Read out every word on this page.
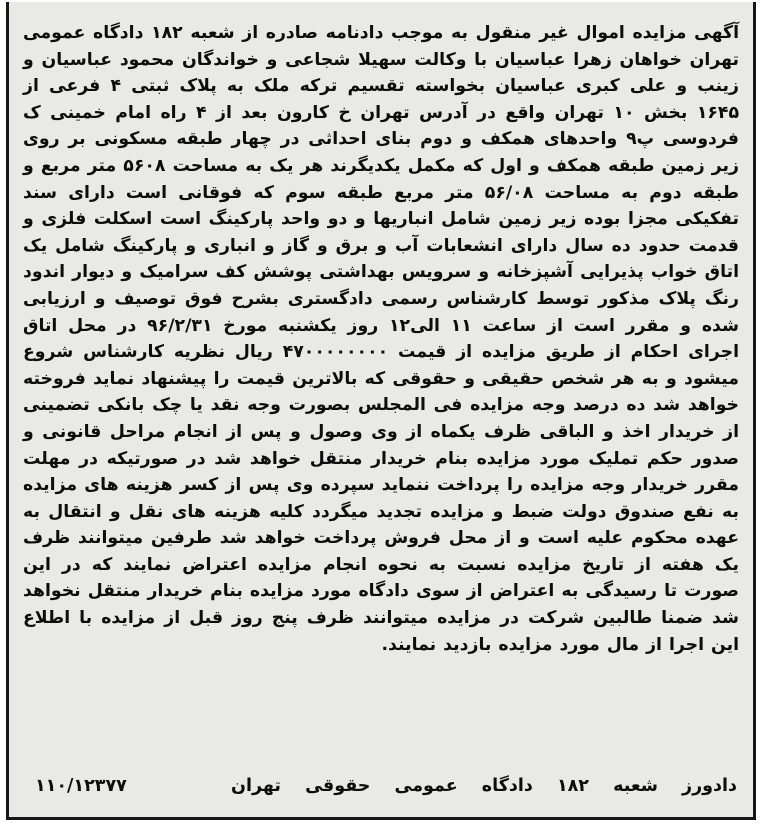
آگهی مزایده اموال غیر منقول به موجب دادنامه صادره از شعبه ۱۸۲ دادگاه عمومی تهران خواهان زهرا عباسیان با وکالت سهیلا شجاعی و خواندگان محمود عباسیان و زینب و علی کبری عباسیان بخواسته تقسیم ترکه ملک به پلاک ثبتی ۴ فرعی از ۱۶۴۵ بخش ۱۰ تهران واقع در آدرس تهران خ کارون بعد از ۴ راه امام خمینی ک فردوسی پ۹ واحدهای همکف و دوم بنای احداثی در چهار طبقه مسکونی بر روی زیر زمین طبقه همکف و اول که مکمل یکدیگرند هر یک به مساحت ۵۶۰۸ متر مربع و طبقه دوم به مساحت ۵۶/۰۸ متر مربع طبقه سوم که فوقانی است دارای سند تفکیکی مجزا بوده زیر زمین شامل انباریها و دو واحد پارکینگ است اسکلت فلزی و قدمت حدود ده سال دارای انشعابات آب و برق و گاز و انباری و پارکینگ شامل یک اتاق خواب پذیرایی آشپزخانه و سرویس بهداشتی پوشش کف سرامیک و دیوار اندود رنگ پلاک مذکور توسط کارشناس رسمی دادگستری بشرح فوق توصیف و ارزیابی شده و مقرر است از ساعت ۱۱ الی۱۲ روز یکشنبه مورخ ۹۶/۲/۳۱ در محل اتاق اجرای احکام از طریق مزایده از قیمت ۴۷۰۰۰۰۰۰۰۰ ریال نظریه کارشناس شروع میشود و به هر شخص حقیقی و حقوقی که بالاترین قیمت را پیشنهاد نماید فروخته خواهد شد ده درصد وجه مزایده فی المجلس بصورت وجه نقد یا چک بانکی تضمینی از خریدار اخذ و الباقی ظرف یکماه از وی وصول و پس از انجام مراحل قانونی و صدور حکم تملیک مورد مزایده بنام خریدار منتقل خواهد شد در صورتیکه در مهلت مقرر خریدار وجه مزایده را پرداخت ننماید سپرده وی پس از کسر هزینه های مزایده به نفع صندوق دولت ضبط و مزایده تجدید میگردد کلیه هزینه های نقل و انتقال به عهده محکوم علیه است و از محل فروش پرداخت خواهد شد طرفین میتوانند ظرف یک هفته از تاریخ مزایده نسبت به نحوه انجام مزایده اعتراض نمایند که در این صورت تا رسیدگی به اعتراض از سوی دادگاه مورد مزایده بنام خریدار منتقل نخواهد شد ضمنا طالبین شرکت در مزایده میتوانند ظرف پنج روز قبل از مزایده با اطلاع این اجرا از مال مورد مزایده بازدید نمایند.

دادورز شعبه ۱۸۲ دادگاه عمومی حقوقی تهران
۱۱۰/۱۲۳۷۷
